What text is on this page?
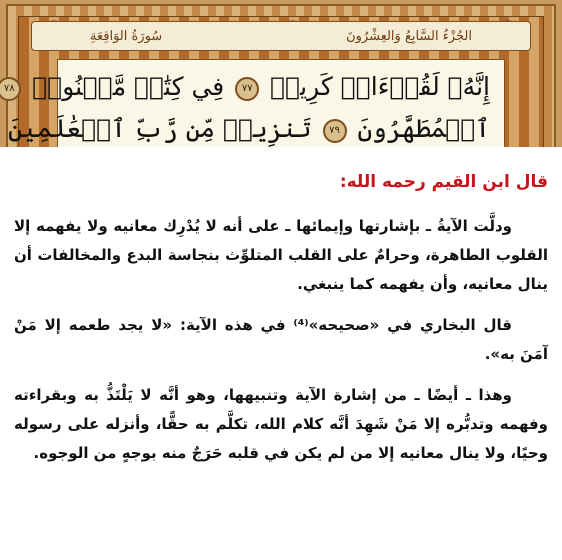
سُورَةُ الوَاقِعَةِ	الجُزْءُ السَّابِعُ وَالعِشْرُونَ
إِنَّهُۥ لَقُرۡءَانٞ كَرِيمٞ ٧٧ فِي كِتَٰبٖ مَّكۡنُونٖ ٧٨
ٱلۡمُطَهَّرُونَ ٧٩ تَنزِيلٞ مِّن رَّبِّ ٱلۡعَٰلَمِينَ
قال ابن القيم رحمه الله:

ودلَّت الآيةُ ـ بإشارتها وإيمائها ـ على أنه لا يُدْرِك معانيه ولا يفهمه إلا القلوب الطاهرة، وحرامٌ على القلب المتلوِّث بنجاسة البدع والمخالفات أن ينال معانيه، وأن يفهمه كما ينبغي.

قال البخاري في «صحيحه»⁽⁴⁾ في هذه الآية: «لا يجد طعمه إلا مَنْ آمَنَ به».

وهذا ـ أيضًا ـ من إشارة الآية وتنبيهها، وهو أنَّه لا يَلْتَذُّ به وبقراءته وفهمه وتدبُّره إلا مَنْ شَهِدَ أنَّه كلام الله، تكلَّم به حقًّا، وأنزله على رسوله وحيًا، ولا ينال معانيه إلا من لم يكن في قلبه حَرَجٌ منه بوجهٍ من الوجوه.
